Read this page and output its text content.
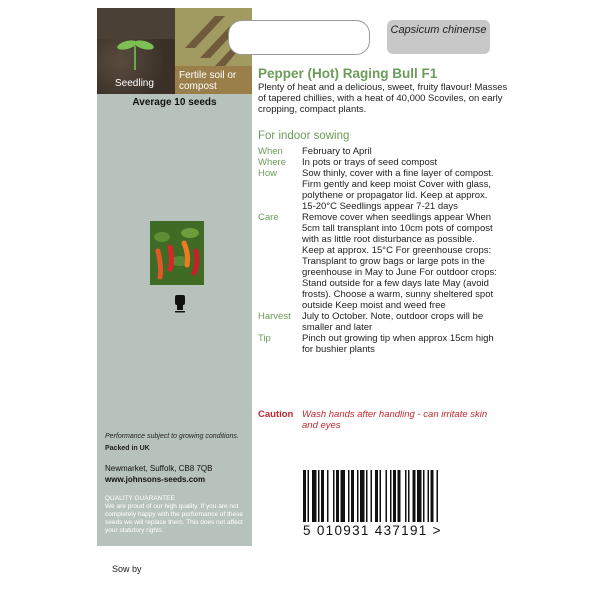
Seedling
Fertile soil or compost
Average 10 seeds
Performance subject to growing conditions.
Packed in UK
Newmarket, Suffolk, CB8 7QB
www.johnsons-seeds.com
QUALITY GUARANTEE
We are proud of our high quality. If you are not completely happy with the performance of these seeds we will replace them. This does not affect your statutory rights.
Capsicum chinense
Pepper (Hot) Raging Bull F1
Plenty of heat and a delicious, sweet, fruity flavour! Masses of tapered chillies, with a heat of 40,000 Scoviles, on early cropping, compact plants.
For indoor sowing
When	February to April
Where	In pots or trays of seed compost
How	Sow thinly, cover with a fine layer of compost. Firm gently and keep moist Cover with glass, polythene or propagator lid. Keep at approx. 15-20°C Seedlings appear 7-21 days
Care	Remove cover when seedlings appear When 5cm tall transplant into 10cm pots of compost with as little root disturbance as possible. Keep at approx. 15°C For greenhouse crops: Transplant to grow bags or large pots in the greenhouse in May to June For outdoor crops: Stand outside for a few days late May (avoid frosts). Choose a warm, sunny sheltered spot outside Keep moist and weed free
Harvest	July to October. Note, outdoor crops will be smaller and later
Tip	Pinch out growing tip when approx 15cm high for bushier plants
Caution Wash hands after handling - can irritate skin and eyes
5 010931 437191 >
Sow by
